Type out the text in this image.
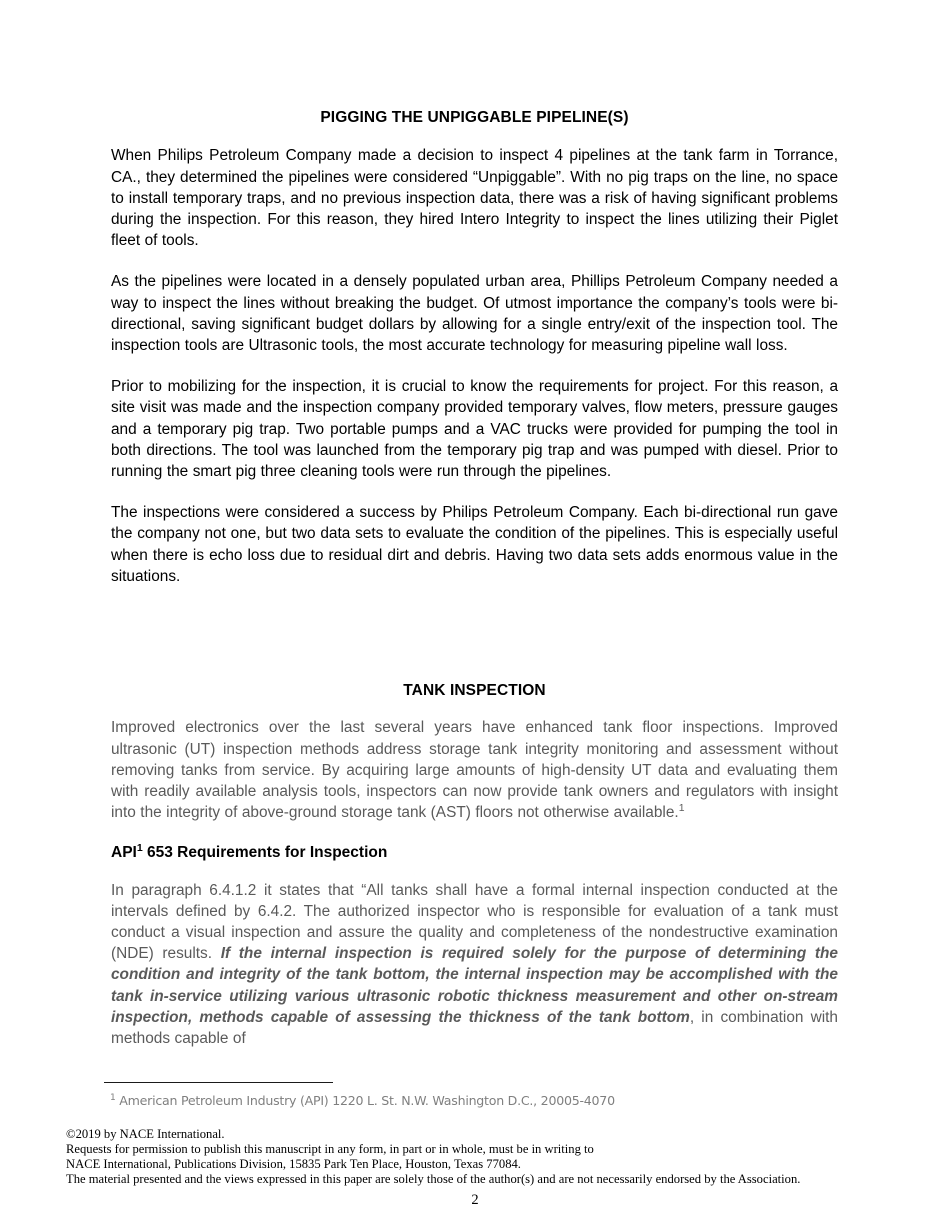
PIGGING THE UNPIGGABLE PIPELINE(S)

When Philips Petroleum Company made a decision to inspect 4 pipelines at the tank farm in Torrance, CA., they determined the pipelines were considered “Unpiggable”. With no pig traps on the line, no space to install temporary traps, and no previous inspection data, there was a risk of having significant problems during the inspection. For this reason, they hired Intero Integrity to inspect the lines utilizing their Piglet fleet of tools.

As the pipelines were located in a densely populated urban area, Phillips Petroleum Company needed a way to inspect the lines without breaking the budget. Of utmost importance the company’s tools were bi-directional, saving significant budget dollars by allowing for a single entry/exit of the inspection tool. The inspection tools are Ultrasonic tools, the most accurate technology for measuring pipeline wall loss.

Prior to mobilizing for the inspection, it is crucial to know the requirements for project. For this reason, a site visit was made and the inspection company provided temporary valves, flow meters, pressure gauges and a temporary pig trap. Two portable pumps and a VAC trucks were provided for pumping the tool in both directions. The tool was launched from the temporary pig trap and was pumped with diesel. Prior to running the smart pig three cleaning tools were run through the pipelines.

The inspections were considered a success by Philips Petroleum Company. Each bi-directional run gave the company not one, but two data sets to evaluate the condition of the pipelines. This is especially useful when there is echo loss due to residual dirt and debris. Having two data sets adds enormous value in the situations.

TANK INSPECTION

Improved electronics over the last several years have enhanced tank floor inspections. Improved ultrasonic (UT) inspection methods address storage tank integrity monitoring and assessment without removing tanks from service. By acquiring large amounts of high-density UT data and evaluating them with readily available analysis tools, inspectors can now provide tank owners and regulators with insight into the integrity of above-ground storage tank (AST) floors not otherwise available.$^1$

API$^1$ 653 Requirements for Inspection

In paragraph 6.4.1.2 it states that “All tanks shall have a formal internal inspection conducted at the intervals defined by 6.4.2. The authorized inspector who is responsible for evaluation of a tank must conduct a visual inspection and assure the quality and completeness of the nondestructive examination (NDE) results. If the internal inspection is required solely for the purpose of determining the condition and integrity of the tank bottom, the internal inspection may be accomplished with the tank in-service utilizing various ultrasonic robotic thickness measurement and other on-stream inspection, methods capable of assessing the thickness of the tank bottom, in combination with methods capable of

$^1$ American Petroleum Industry (API) 1220 L. St. N.W. Washington D.C., 20005-4070

©2019 by NACE International.

Requests for permission to publish this manuscript in any form, in part or in whole, must be in writing to

NACE International, Publications Division, 15835 Park Ten Place, Houston, Texas 77084.

The material presented and the views expressed in this paper are solely those of the author(s) and are not necessarily endorsed by the Association.

2
